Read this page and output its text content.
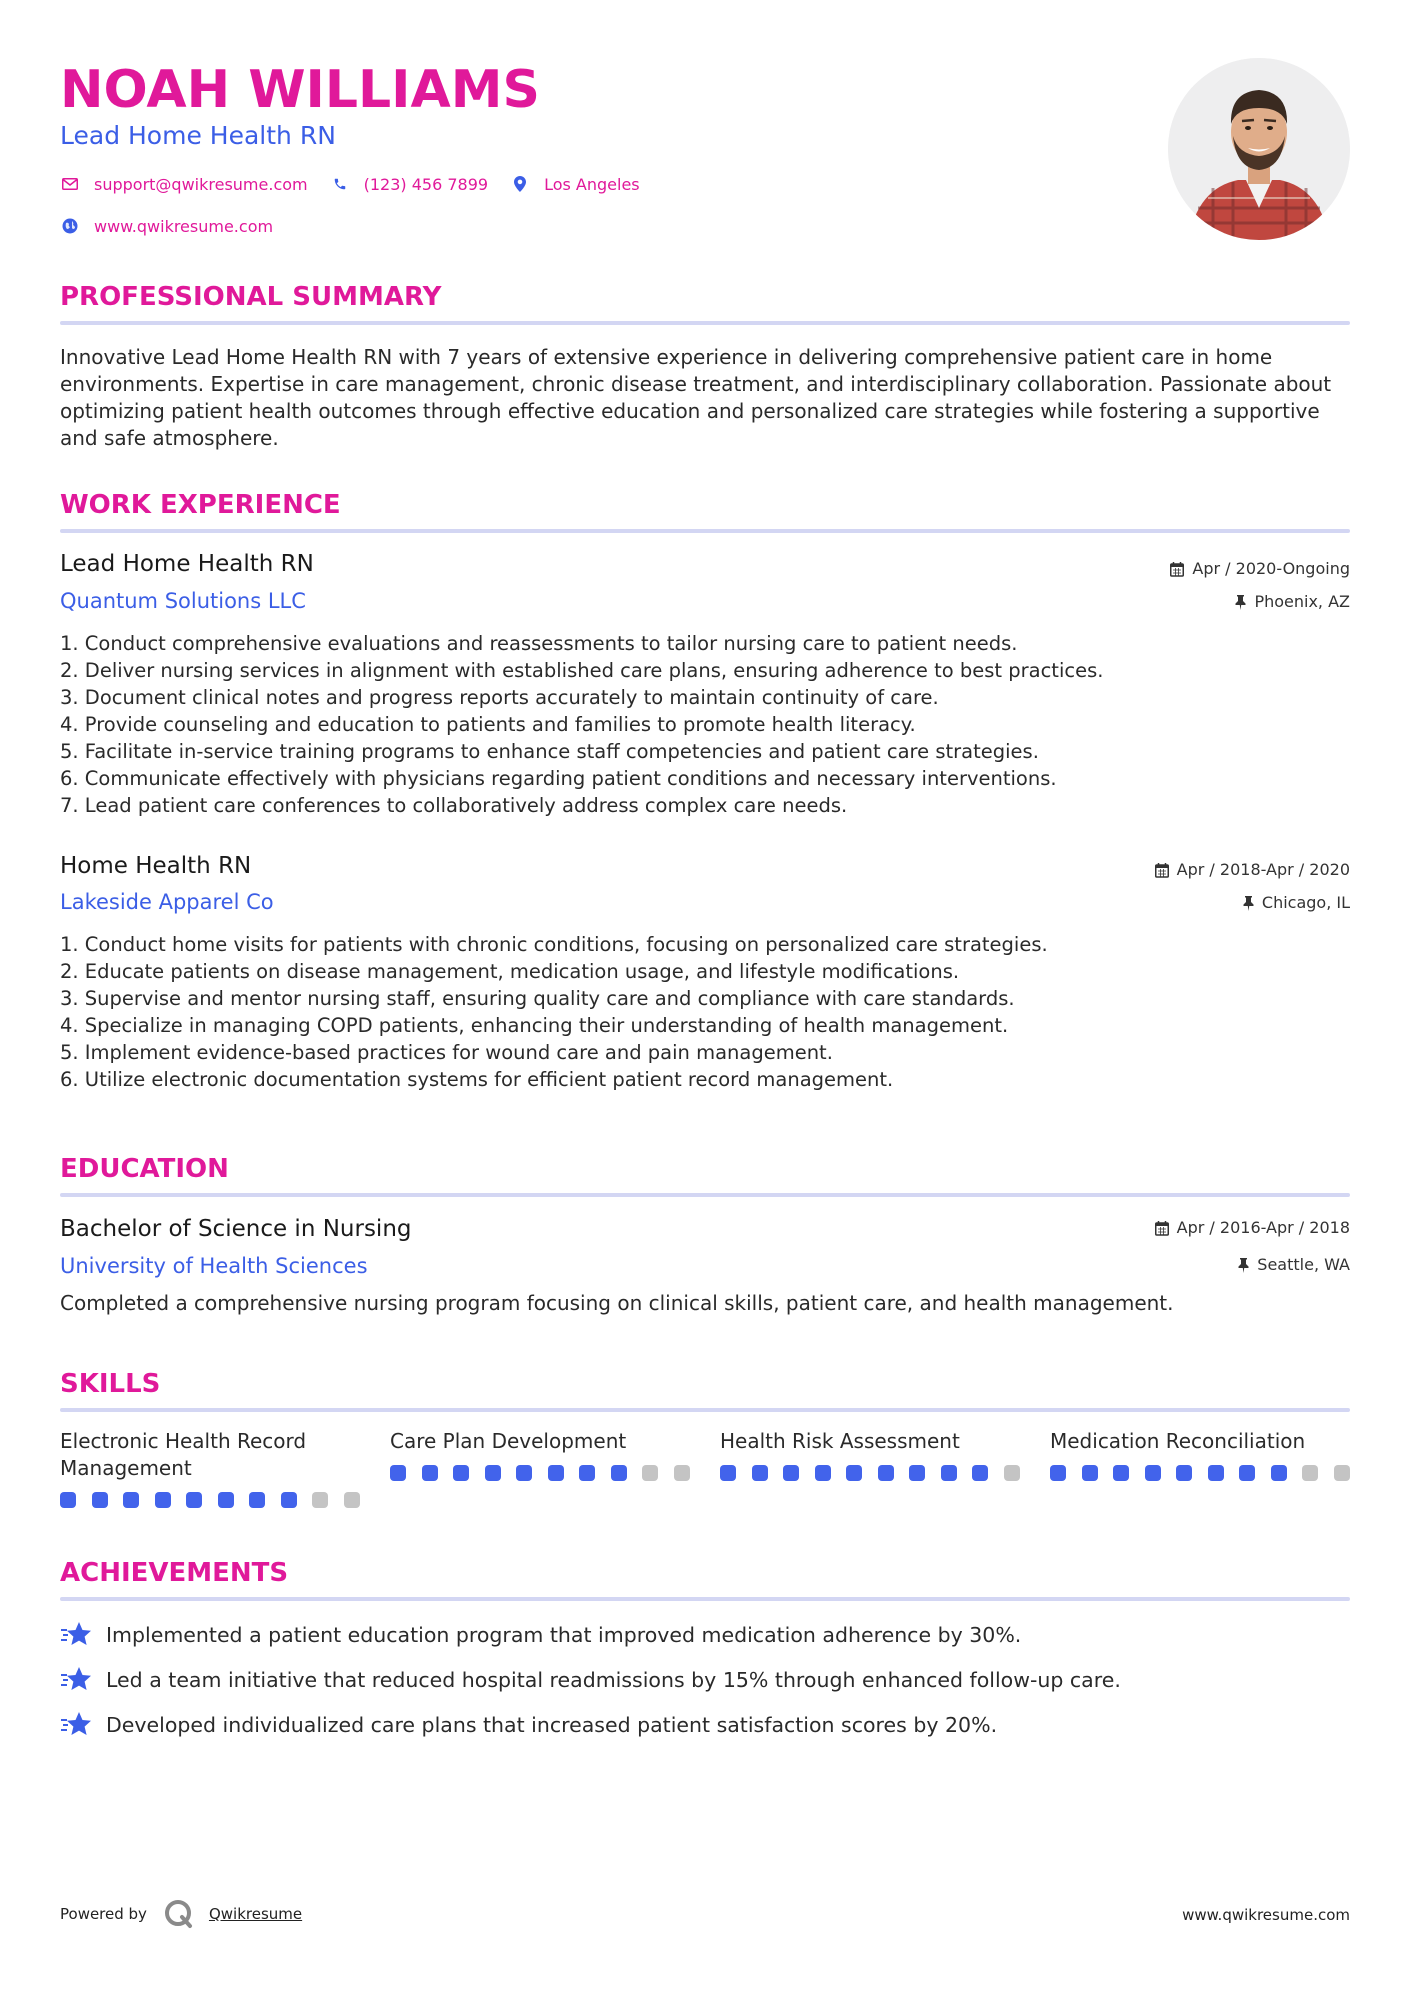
NOAH WILLIAMS
Lead Home Health RN
support@qwikresume.com	(123) 456 7899	Los Angeles
www.qwikresume.com
PROFESSIONAL SUMMARY
Innovative Lead Home Health RN with 7 years of extensive experience in delivering comprehensive patient care in home environments. Expertise in care management, chronic disease treatment, and interdisciplinary collaboration. Passionate about optimizing patient health outcomes through effective education and personalized care strategies while fostering a supportive and safe atmosphere.
WORK EXPERIENCE
Lead Home Health RN	Apr / 2020-Ongoing
Quantum Solutions LLC	Phoenix, AZ
1. Conduct comprehensive evaluations and reassessments to tailor nursing care to patient needs.
2. Deliver nursing services in alignment with established care plans, ensuring adherence to best practices.
3. Document clinical notes and progress reports accurately to maintain continuity of care.
4. Provide counseling and education to patients and families to promote health literacy.
5. Facilitate in-service training programs to enhance staff competencies and patient care strategies.
6. Communicate effectively with physicians regarding patient conditions and necessary interventions.
7. Lead patient care conferences to collaboratively address complex care needs.
Home Health RN	Apr / 2018-Apr / 2020
Lakeside Apparel Co	Chicago, IL
1. Conduct home visits for patients with chronic conditions, focusing on personalized care strategies.
2. Educate patients on disease management, medication usage, and lifestyle modifications.
3. Supervise and mentor nursing staff, ensuring quality care and compliance with care standards.
4. Specialize in managing COPD patients, enhancing their understanding of health management.
5. Implement evidence-based practices for wound care and pain management.
6. Utilize electronic documentation systems for efficient patient record management.
EDUCATION
Bachelor of Science in Nursing	Apr / 2016-Apr / 2018
University of Health Sciences	Seattle, WA
Completed a comprehensive nursing program focusing on clinical skills, patient care, and health management.
SKILLS
Electronic Health Record Management
Care Plan Development	Health Risk Assessment	Medication Reconciliation
ACHIEVEMENTS
Implemented a patient education program that improved medication adherence by 30%.
Led a team initiative that reduced hospital readmissions by 15% through enhanced follow-up care.
Developed individualized care plans that increased patient satisfaction scores by 20%.
Powered by	Qwikresume	www.qwikresume.com
